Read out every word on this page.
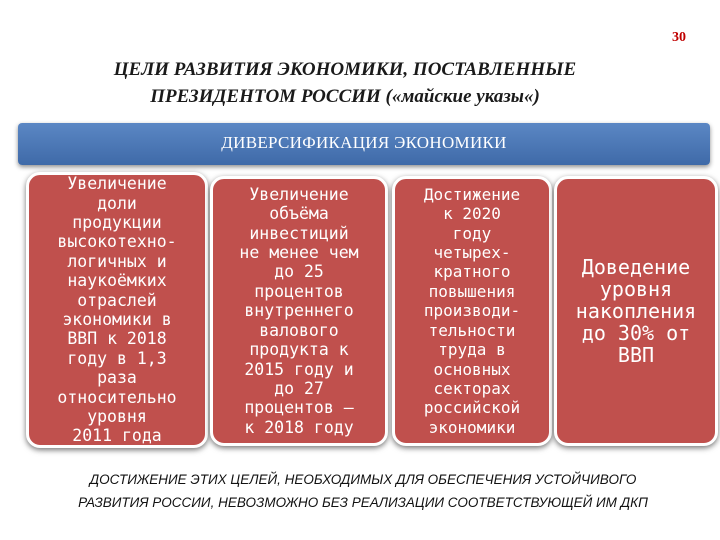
30
ЦЕЛИ РАЗВИТИЯ ЭКОНОМИКИ, ПОСТАВЛЕННЫЕ
ПРЕЗИДЕНТОМ РОССИИ («майские указы«)
ДИВЕРСИФИКАЦИЯ ЭКОНОМИКИ
Увеличение
доли
продукции
высокотехно-
логичных и
наукоёмких
отраслей
экономики в
ВВП к 2018
году в 1,3
раза
относительно
уровня
2011 года
Увеличение
объёма
инвестиций
не менее чем
до 25
процентов
внутреннего
валового
продукта к
2015 году и
до 27
процентов –
к 2018 году
Достижение
к 2020
году
четырех-
кратного
повышения
производи-
тельности
труда в
основных
секторах
российской
экономики
Доведение
уровня
накопления
до 30% от
ВВП
ДОСТИЖЕНИЕ ЭТИХ ЦЕЛЕЙ, НЕОБХОДИМЫХ ДЛЯ ОБЕСПЕЧЕНИЯ УСТОЙЧИВОГО
РАЗВИТИЯ РОССИИ, НЕВОЗМОЖНО БЕЗ РЕАЛИЗАЦИИ СООТВЕТСТВУЮЩЕЙ ИМ ДКП
